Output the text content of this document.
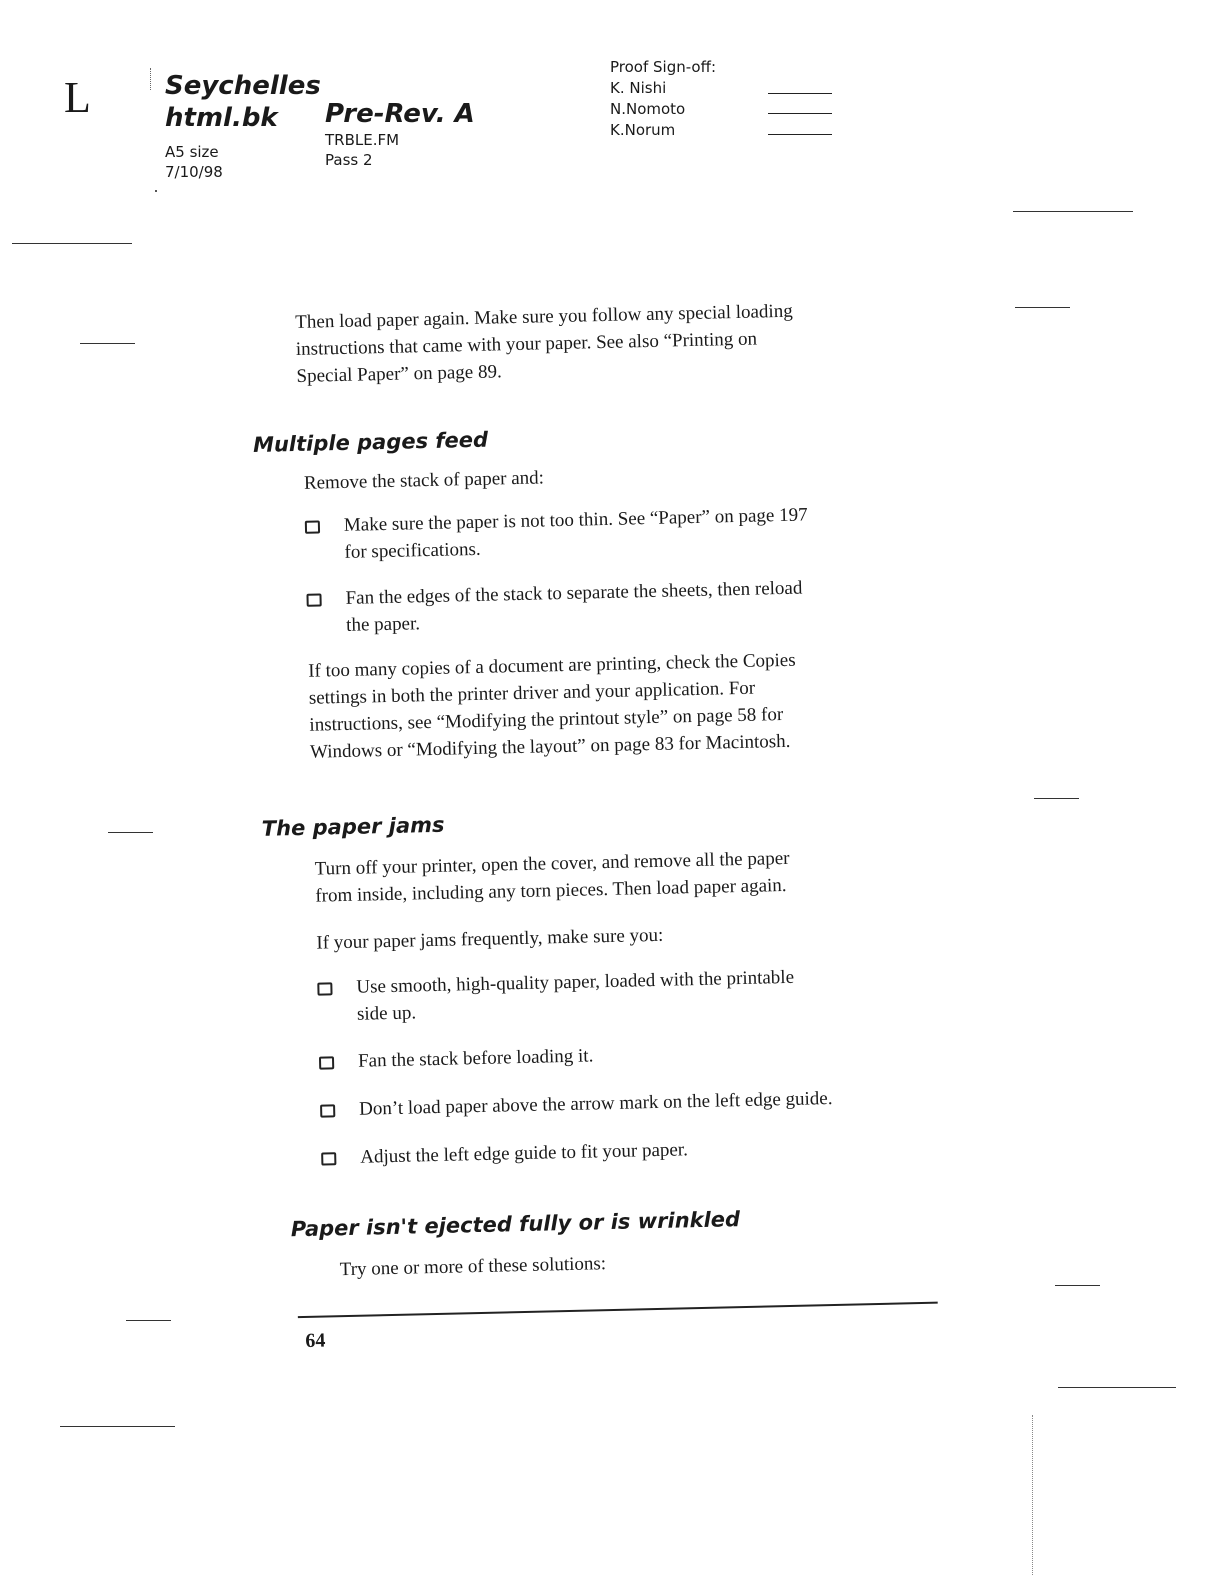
L	Seychelles
html.bk
A5 size
7/10/98
Pre-Rev. A
TRBLE.FM
Pass 2
Proof Sign-off:
K. Nishi
N.Nomoto
K.Norum

Then load paper again. Make sure you follow any special loading

instructions that came with your paper. See also “Printing on

Special Paper” on page 89.

Multiple pages feed

Remove the stack of paper and:

Make sure the paper is not too thin. See “Paper” on page 197

for specifications.

Fan the edges of the stack to separate the sheets, then reload

the paper.

If too many copies of a document are printing, check the Copies

settings in both the printer driver and your application. For

instructions, see “Modifying the printout style” on page 58 for

Windows or “Modifying the layout” on page 83 for Macintosh.

The paper jams

Turn off your printer, open the cover, and remove all the paper

from inside, including any torn pieces. Then load paper again.

If your paper jams frequently, make sure you:

Use smooth, high-quality paper, loaded with the printable

side up.

Fan the stack before loading it.

Don’t load paper above the arrow mark on the left edge guide.

Adjust the left edge guide to fit your paper.

Paper isn't ejected fully or is wrinkled

Try one or more of these solutions:

64
